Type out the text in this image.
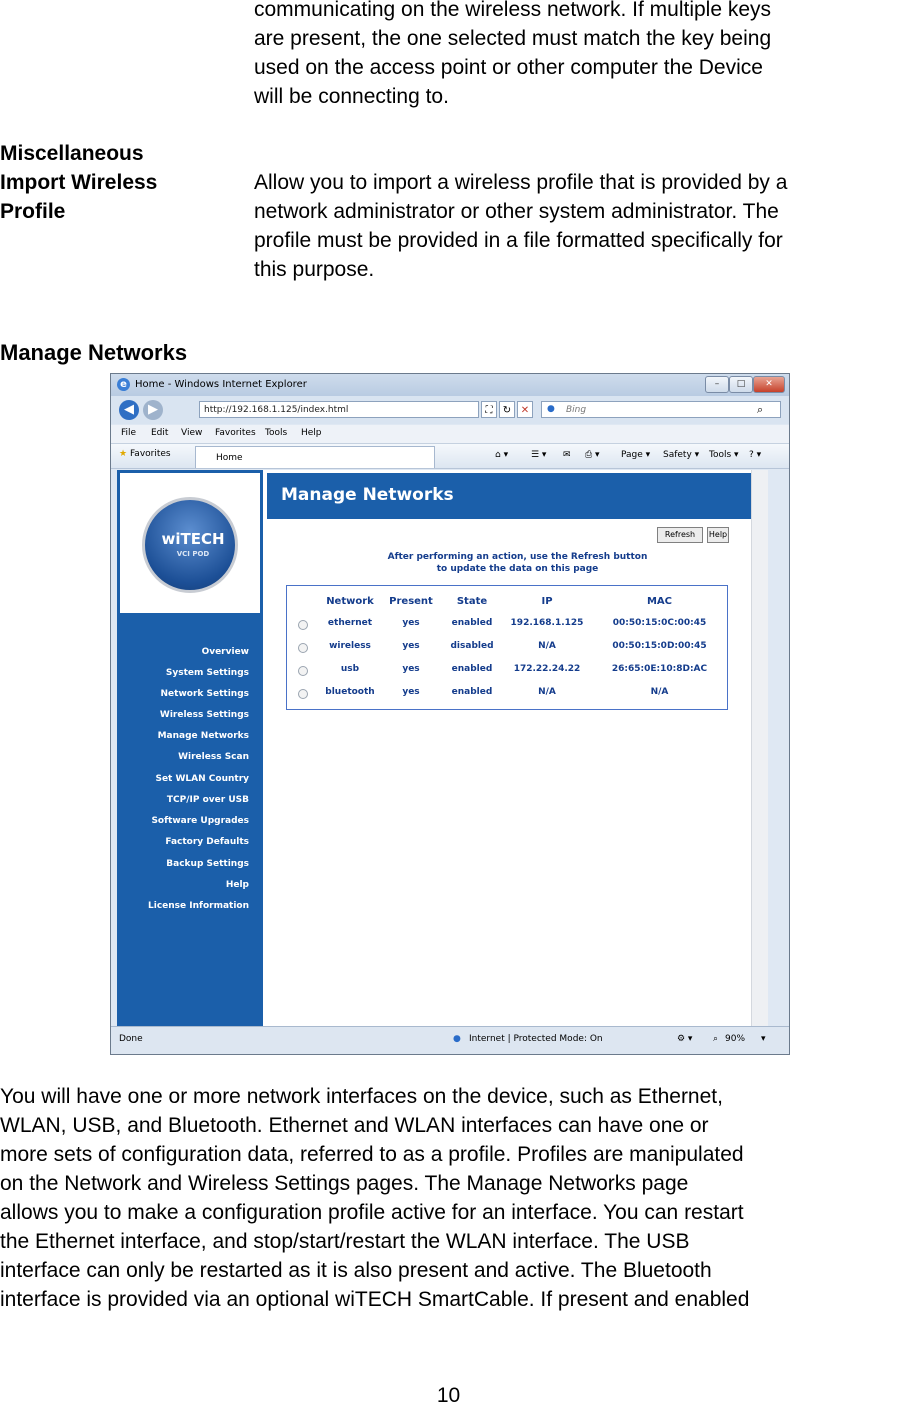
communicating on the wireless network. If multiple keys
are present, the one selected must match the key being
used on the access point or other computer the Device
will be connecting to.
Miscellaneous
Import Wireless
Profile
Allow you to import a wireless profile that is provided by a
network administrator or other system administrator. The
profile must be provided in a file formatted specifically for
this purpose.
Manage Networks
e Home - Windows Internet Explorer	–	□	✕
◀	▶	http://192.168.1.125/index.html	⛶	↻ ✕	Bing
●	⌕
File Edit View Favorites Tools Help
★ Favorites	Home	⌂ ▾	☰ ▾ ✉ ⎙ ▾ Page ▾ Safety ▾ Tools ▾ ? ▾
wiTECH
VCI POD
Overview
System Settings
Network Settings
Wireless Settings
Manage Networks
Wireless Scan
Set WLAN Country
TCP/IP over USB
Software Upgrades
Factory Defaults
Backup Settings
Help
License Information
Manage Networks
Refresh	Help
After performing an action, use the Refresh button
to update the data on this page
Network	Present	State	IP	MAC
ethernet	yes	enabled	192.168.1.125	00:50:15:0C:00:45
wireless	yes	disabled	N/A	00:50:15:0D:00:45
usb	yes	enabled	172.22.24.22	26:65:0E:10:8D:AC
bluetooth	yes	enabled	N/A	N/A
Done	● Internet | Protected Mode: On	⚙ ▾ ⌕ 90% ▾
You will have one or more network interfaces on the device, such as Ethernet,
WLAN, USB, and Bluetooth. Ethernet and WLAN interfaces can have one or
more sets of configuration data, referred to as a profile. Profiles are manipulated
on the Network and Wireless Settings pages. The Manage Networks page
allows you to make a configuration profile active for an interface. You can restart
the Ethernet interface, and stop/start/restart the WLAN interface. The USB
interface can only be restarted as it is also present and active. The Bluetooth
interface is provided via an optional wiTECH SmartCable. If present and enabled
10
